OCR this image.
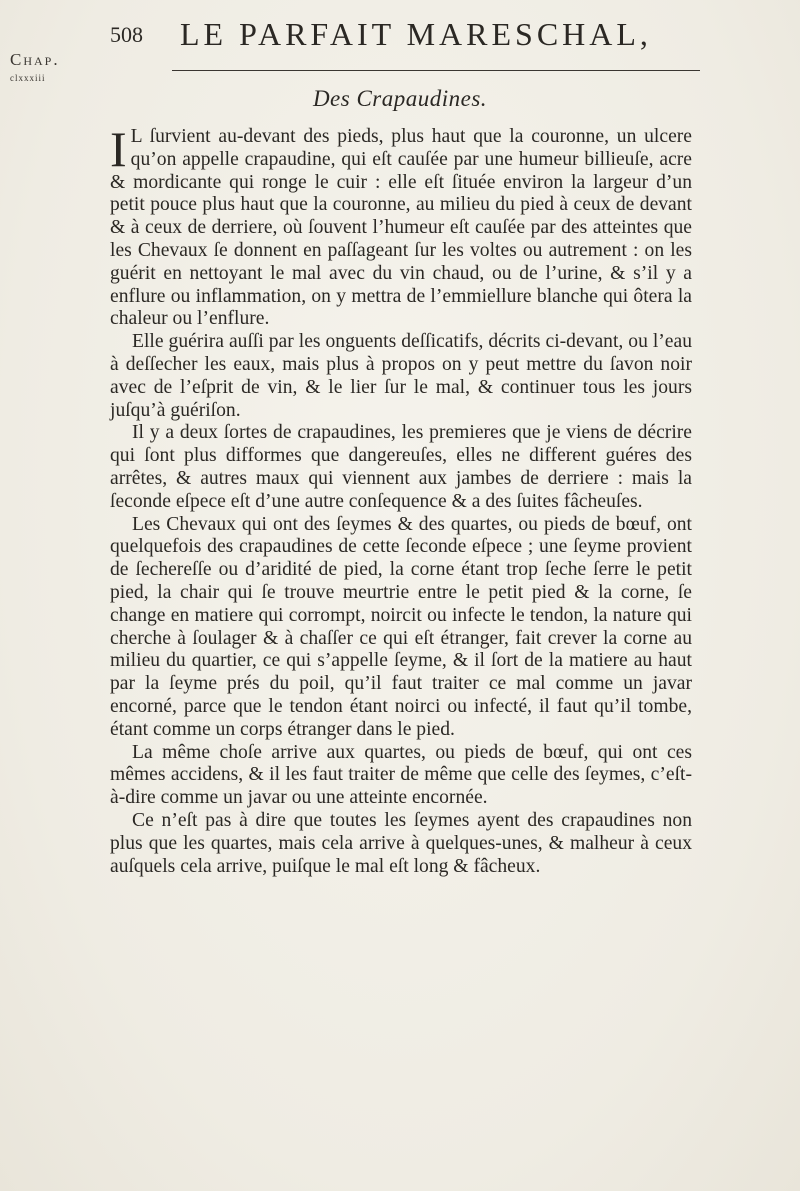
Chap.
clxxxiii
508 LE PARFAIT MARESCHAL,
Des Crapaudines.

I L ſurvient au-devant des pieds, plus haut que la couronne, un ulcere qu’on appelle crapaudine, qui eſt cauſée par une humeur billieuſe, acre & mordicante qui ronge le cuir : elle eſt ſituée environ la largeur d’un petit pouce plus haut que la couronne, au milieu du pied à ceux de devant & à ceux de derriere, où ſouvent l’humeur eſt cauſée par des atteintes que les Chevaux ſe donnent en paſſageant ſur les voltes ou autrement : on les guérit en nettoyant le mal avec du vin chaud, ou de l’urine, & s’il y a enflure ou inflammation, on y mettra de l’emmiellure blanche qui ôtera la chaleur ou l’enflure.

Elle guérira auſſi par les onguents deſſicatifs, décrits ci-devant, ou l’eau à deſſecher les eaux, mais plus à propos on y peut mettre du ſavon noir avec de l’eſprit de vin, & le lier ſur le mal, & continuer tous les jours juſqu’à guériſon.

Il y a deux ſortes de crapaudines, les premieres que je viens de décrire qui ſont plus difformes que dangereuſes, elles ne different guéres des arrêtes, & autres maux qui viennent aux jambes de derriere : mais la ſeconde eſpece eſt d’une autre conſequence & a des ſuites fâcheuſes.

Les Chevaux qui ont des ſeymes & des quartes, ou pieds de bœuf, ont quelquefois des crapaudines de cette ſeconde eſpece ; une ſeyme provient de ſechereſſe ou d’aridité de pied, la corne étant trop ſeche ſerre le petit pied, la chair qui ſe trouve meurtrie entre le petit pied & la corne, ſe change en matiere qui corrompt, noircit ou infecte le tendon, la nature qui cherche à ſoulager & à chaſſer ce qui eſt étranger, fait crever la corne au milieu du quartier, ce qui s’appelle ſeyme, & il ſort de la matiere au haut par la ſeyme prés du poil, qu’il faut traiter ce mal comme un javar encorné, parce que le tendon étant noirci ou infecté, il faut qu’il tombe, étant comme un corps étranger dans le pied.

La même choſe arrive aux quartes, ou pieds de bœuf, qui ont ces mêmes accidens, & il les faut traiter de même que celle des ſeymes, c’eſt-à-dire comme un javar ou une atteinte encornée.

Ce n’eſt pas à dire que toutes les ſeymes ayent des crapaudines non plus que les quartes, mais cela arrive à quelques-unes, & malheur à ceux auſquels cela arrive, puiſque le mal eſt long & fâcheux.
